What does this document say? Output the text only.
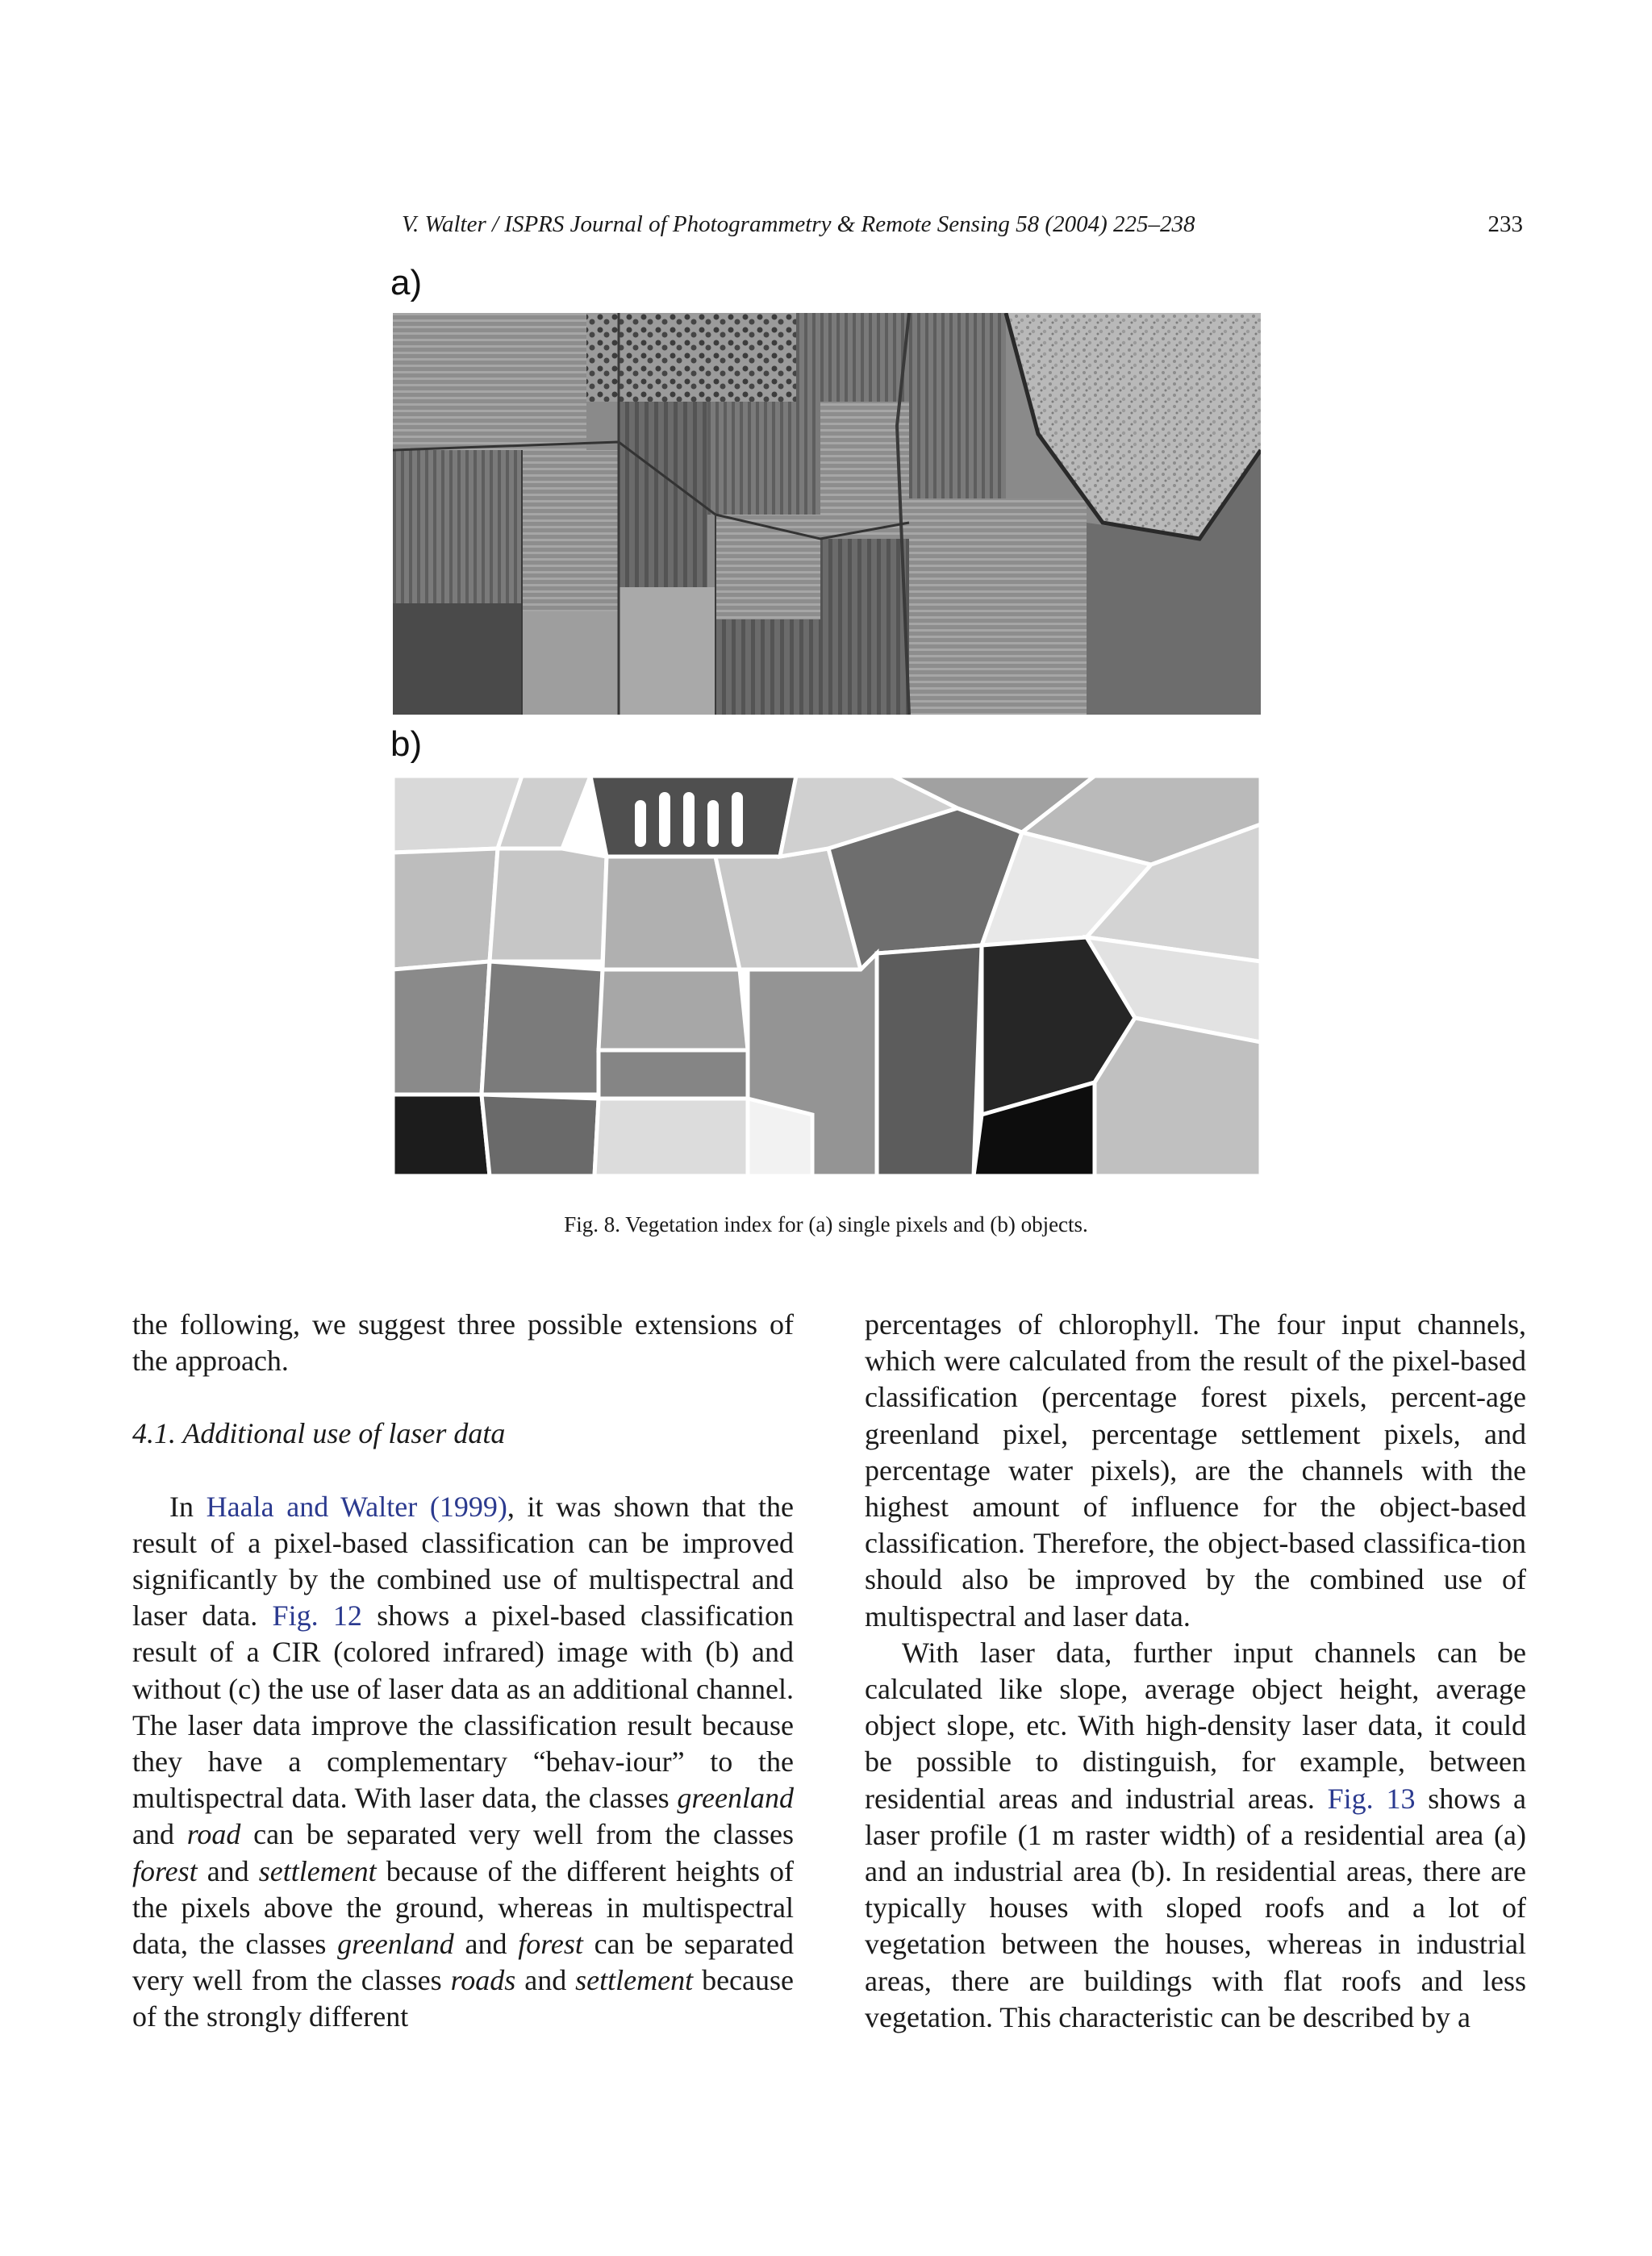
V. Walter / ISPRS Journal of Photogrammetry & Remote Sensing 58 (2004) 225–238	233
a)
b)
Fig. 8. Vegetation index for (a) single pixels and (b) objects.

the following, we suggest three possible extensions of the approach.

4.1. Additional use of laser data

In Haala and Walter (1999), it was shown that the result of a pixel-based classification can be improved significantly by the combined use of multispectral and laser data. Fig. 12 shows a pixel-based classification result of a CIR (colored infrared) image with (b) and without (c) the use of laser data as an additional channel. The laser data improve the classification result because they have a complementary “behav-iour” to the multispectral data. With laser data, the classes greenland and road can be separated very well from the classes forest and settlement because of the different heights of the pixels above the ground, whereas in multispectral data, the classes greenland and forest can be separated very well from the classes roads and settlement because of the strongly different

percentages of chlorophyll. The four input channels, which were calculated from the result of the pixel-based classification (percentage forest pixels, percent-age greenland pixel, percentage settlement pixels, and percentage water pixels), are the channels with the highest amount of influence for the object-based classification. Therefore, the object-based classifica-tion should also be improved by the combined use of multispectral and laser data.

With laser data, further input channels can be calculated like slope, average object height, average object slope, etc. With high-density laser data, it could be possible to distinguish, for example, between residential areas and industrial areas. Fig. 13 shows a laser profile (1 m raster width) of a residential area (a) and an industrial area (b). In residential areas, there are typically houses with sloped roofs and a lot of vegetation between the houses, whereas in industrial areas, there are buildings with flat roofs and less vegetation. This characteristic can be described by a
